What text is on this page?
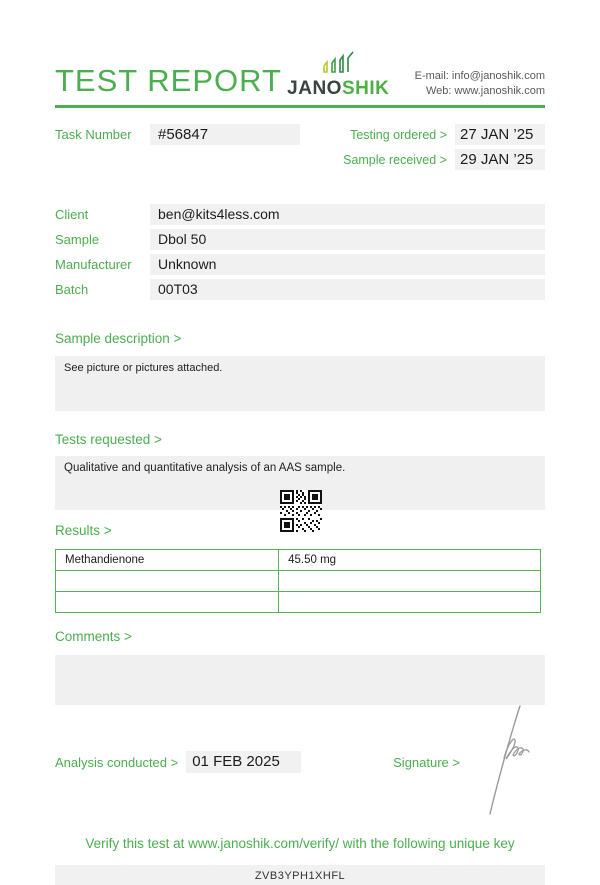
TEST REPORT JANOSHIK
E-mail: info@janoshik.com
Web: www.janoshik.com
Task Number	#56847	Testing ordered > 27 JAN ’25
Sample received > 29 JAN ’25
Client	ben@kits4less.com
Sample	Dbol 50
Manufacturer	Unknown
Batch	00T03
Sample description >
See picture or pictures attached.
Tests requested >
Qualitative and quantitative analysis of an AAS sample.
Results >
Methandienone	45.50 mg

Comments >
Analysis conducted > 01 FEB 2025	Signature >
Verify this test at www.janoshik.com/verify/ with the following unique key
ZVB3YPH1XHFL
